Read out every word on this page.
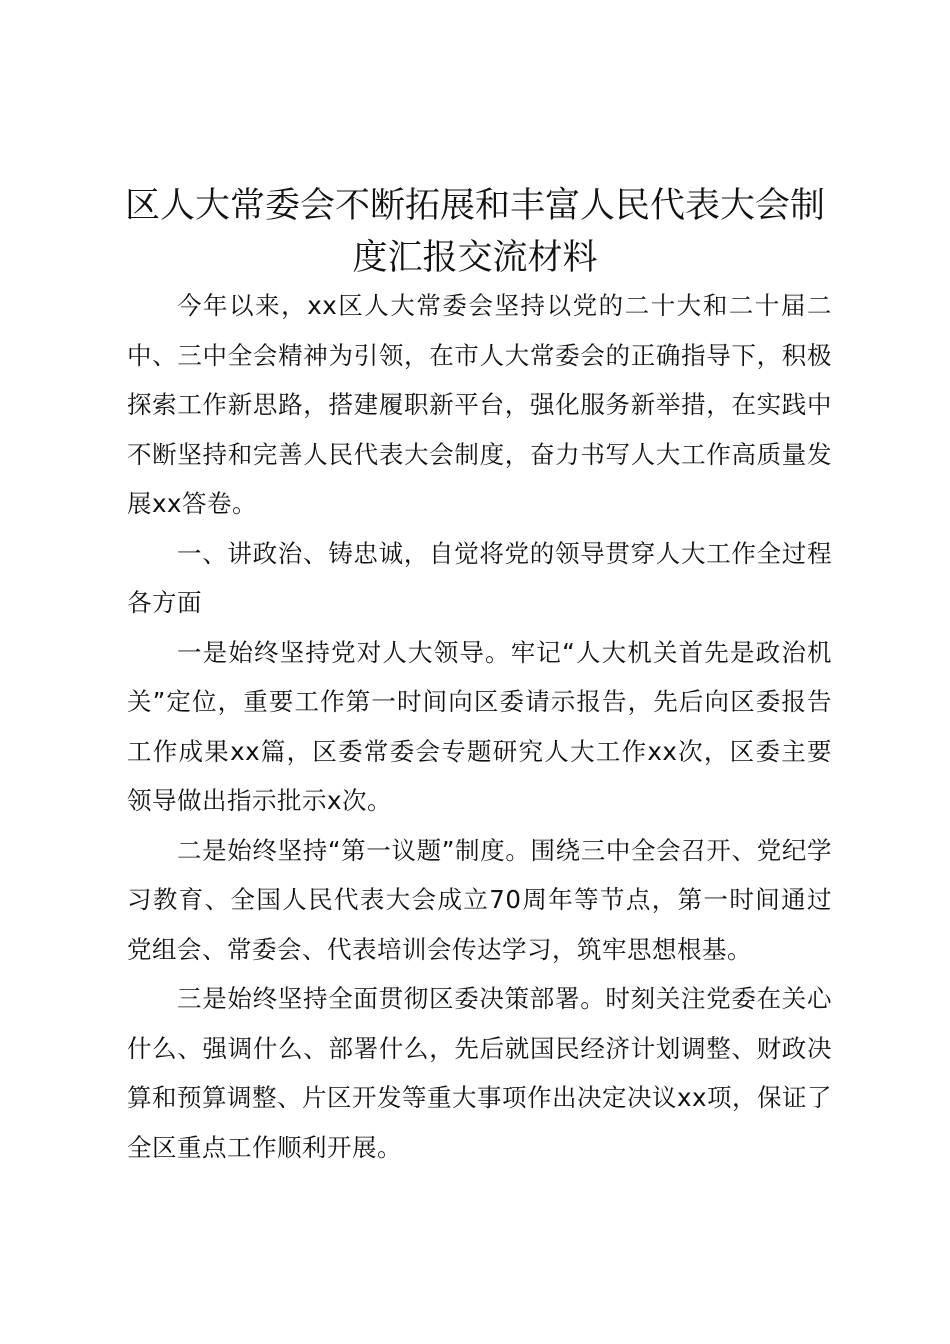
区人大常委会不断拓展和丰富人民代表大会制度汇报交流材料

今年以来，xx区人大常委会坚持以党的二十大和二十届二中、三中全会精神为引领，在市人大常委会的正确指导下，积极探索工作新思路，搭建履职新平台，强化服务新举措，在实践中不断坚持和完善人民代表大会制度，奋力书写人大工作高质量发展xx答卷。

一、讲政治、铸忠诚，自觉将党的领导贯穿人大工作全过程各方面

一是始终坚持党对人大领导。牢记“人大机关首先是政治机关”定位，重要工作第一时间向区委请示报告，先后向区委报告工作成果xx篇，区委常委会专题研究人大工作xx次，区委主要领导做出指示批示x次。

二是始终坚持“第一议题”制度。围绕三中全会召开、党纪学习教育、全国人民代表大会成立70周年等节点，第一时间通过党组会、常委会、代表培训会传达学习，筑牢思想根基。

三是始终坚持全面贯彻区委决策部署。时刻关注党委在关心什么、强调什么、部署什么，先后就国民经济计划调整、财政决算和预算调整、片区开发等重大事项作出决定决议xx项，保证了全区重点工作顺利开展。
